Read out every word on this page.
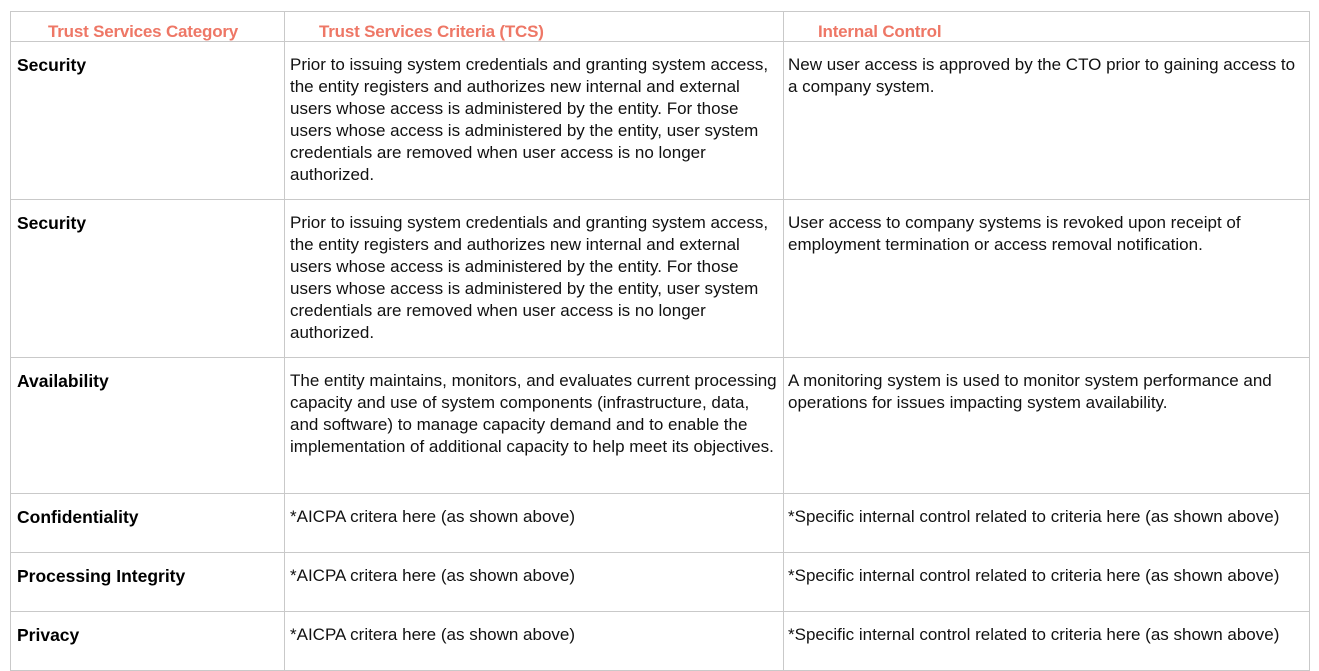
Trust Services Category	Trust Services Criteria (TCS)	Internal Control
Security	Prior to issuing system credentials and granting system access, the entity registers and authorizes new internal and external users whose access is administered by the entity. For those users whose access is administered by the entity, user system credentials are removed when user access is no longer authorized.	New user access is approved by the CTO prior to gaining access to a company system.
Security	Prior to issuing system credentials and granting system access, the entity registers and authorizes new internal and external users whose access is administered by the entity. For those users whose access is administered by the entity, user system credentials are removed when user access is no longer authorized.	User access to company systems is revoked upon receipt of employment termination or access removal notification.
Availability	The entity maintains, monitors, and evaluates current processing capacity and use of system components (infrastructure, data, and software) to manage capacity demand and to enable the implementation of additional capacity to help meet its objectives.	A monitoring system is used to monitor system performance and operations for issues impacting system availability.
Confidentiality	*AICPA critera here (as shown above)	*Specific internal control related to criteria here (as shown above)
Processing Integrity	*AICPA critera here (as shown above)	*Specific internal control related to criteria here (as shown above)
Privacy	*AICPA critera here (as shown above)	*Specific internal control related to criteria here (as shown above)
